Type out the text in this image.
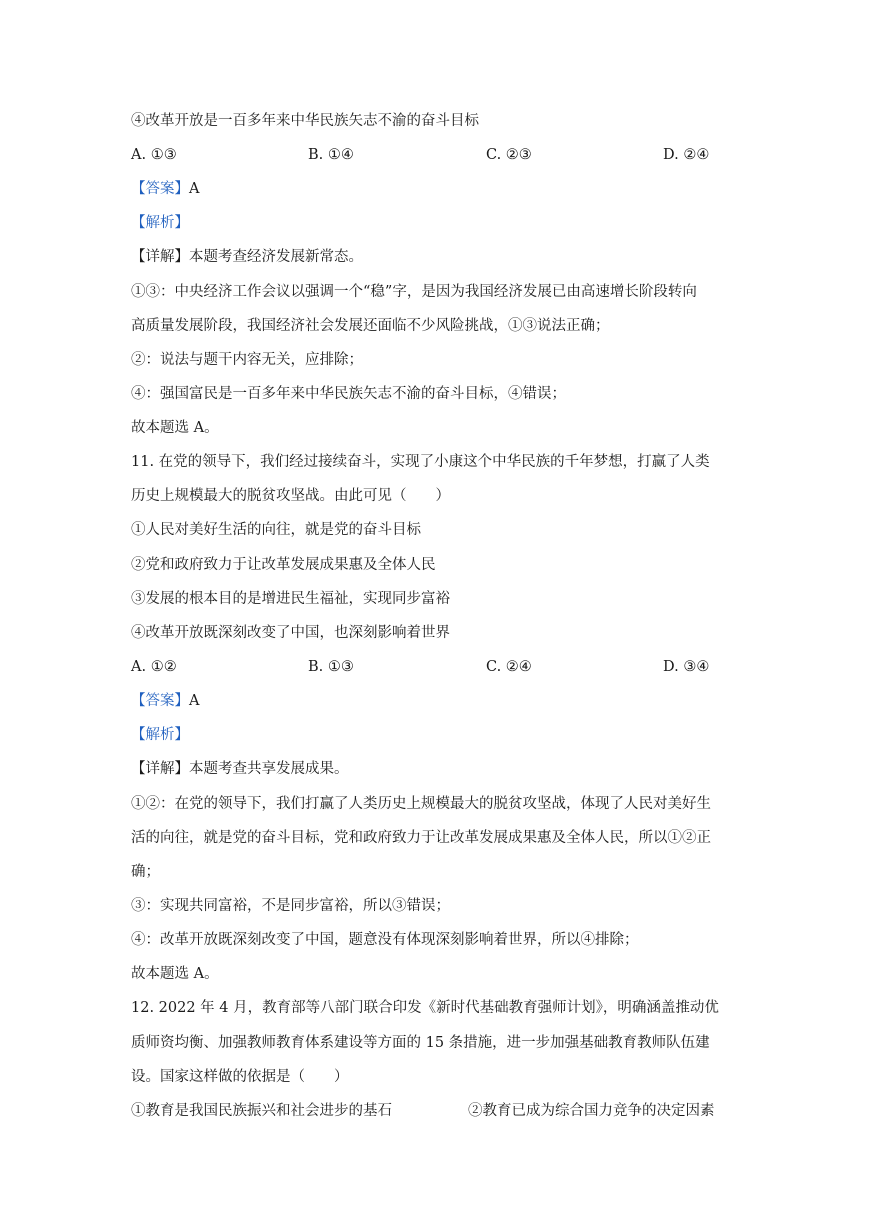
④改革开放是一百多年来中华民族矢志不渝的奋斗目标
A. ①③	B. ①④	C. ②③	D. ②④
【答案】A
【解析】
【详解】本题考查经济发展新常态。
①③：中央经济工作会议以强调一个“稳”字，是因为我国经济发展已由高速增长阶段转向
高质量发展阶段，我国经济社会发展还面临不少风险挑战，①③说法正确；
②：说法与题干内容无关，应排除；
④：强国富民是一百多年来中华民族矢志不渝的奋斗目标，④错误；
故本题选 A。
11. 在党的领导下，我们经过接续奋斗，实现了小康这个中华民族的千年梦想，打赢了人类
历史上规模最大的脱贫攻坚战。由此可见（　　）
①人民对美好生活的向往，就是党的奋斗目标
②党和政府致力于让改革发展成果惠及全体人民
③发展的根本目的是增进民生福祉，实现同步富裕
④改革开放既深刻改变了中国，也深刻影响着世界
A. ①②	B. ①③	C. ②④	D. ③④
【答案】A
【解析】
【详解】本题考查共享发展成果。
①②：在党的领导下，我们打赢了人类历史上规模最大的脱贫攻坚战，体现了人民对美好生
活的向往，就是党的奋斗目标，党和政府致力于让改革发展成果惠及全体人民，所以①②正
确；
③：实现共同富裕，不是同步富裕，所以③错误；
④：改革开放既深刻改变了中国，题意没有体现深刻影响着世界，所以④排除；
故本题选 A。
12. 2022 年 4 月，教育部等八部门联合印发《新时代基础教育强师计划》，明确涵盖推动优
质师资均衡、加强教师教育体系建设等方面的 15 条措施，进一步加强基础教育教师队伍建
设。国家这样做的依据是（　　）
①教育是我国民族振兴和社会进步的基石	②教育已成为综合国力竞争的决定因素
